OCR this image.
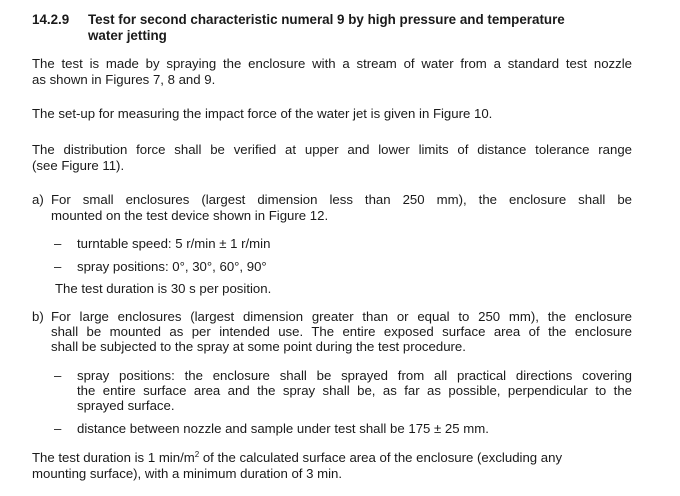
14.2.9 Test for second characteristic numeral 9 by high pressure and temperature
water jetting
The test is made by spraying the enclosure with a stream of water from a standard test nozzle
as shown in Figures 7, 8 and 9.
The set-up for measuring the impact force of the water jet is given in Figure 10.
The distribution force shall be verified at upper and lower limits of distance tolerance range
(see Figure 11).
a) For small enclosures (largest dimension less than 250 mm), the enclosure shall be
mounted on the test device shown in Figure 12.
– turntable speed: 5 r/min ± 1 r/min
– spray positions: 0°, 30°, 60°, 90°
The test duration is 30 s per position.
b) For large enclosures (largest dimension greater than or equal to 250 mm), the enclosure
shall be mounted as per intended use. The entire exposed surface area of the enclosure
shall be subjected to the spray at some point during the test procedure.
– spray positions: the enclosure shall be sprayed from all practical directions covering
the entire surface area and the spray shall be, as far as possible, perpendicular to the
sprayed surface.
– distance between nozzle and sample under test shall be 175 ± 25 mm.
The test duration is 1 min/m 2 of the calculated surface area of the enclosure (excluding any
mounting surface), with a minimum duration of 3 min.
